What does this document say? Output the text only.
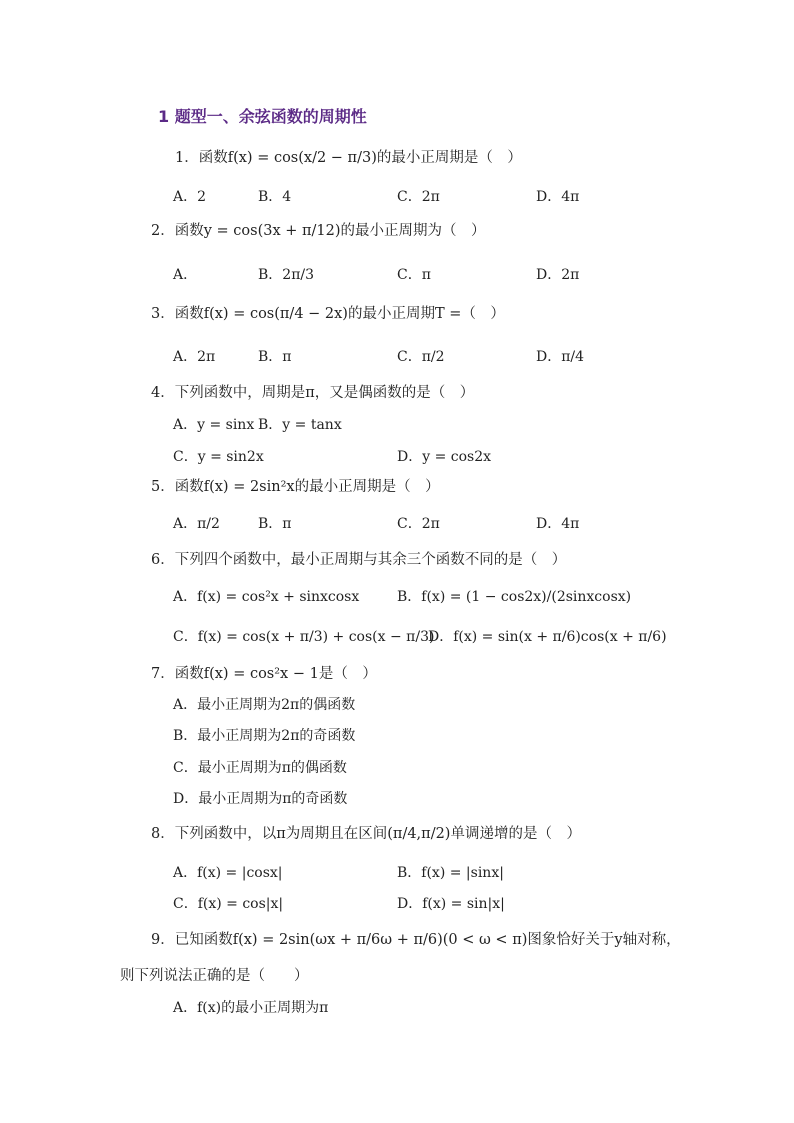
1 题型一、余弦函数的周期性
1．函数f(x) = cos(x/2 − π/3)的最小正周期是（　）
A．2	B．4	C．2π	D．4π
2．函数y = cos(3x + π/12)的最小正周期为（　）
A．	B．2π/3	C．π	D．2π
3．函数f(x) = cos(π/4 − 2x)的最小正周期T =（　）
A．2π	B．π	C．π/2	D．π/4
4．下列函数中，周期是π，又是偶函数的是（　）
A．y = sinx B．y = tanx
C．y = sin2x	D．y = cos2x
5．函数f(x) = 2sin²x的最小正周期是（　）
A．π/2	B．π	C．2π	D．4π
6．下列四个函数中，最小正周期与其余三个函数不同的是（　）
A．f(x) = cos²x + sinxcosx	B．f(x) = (1 − cos2x)/(2sinxcosx)
C．f(x) = cos(x + π/3) + cos(x − π/3)
D．f(x) = sin(x + π/6)cos(x + π/6)
7．函数f(x) = cos²x − 1是（　）
A．最小正周期为2π的偶函数
B．最小正周期为2π的奇函数
C．最小正周期为π的偶函数
D．最小正周期为π的奇函数
8．下列函数中，以π为周期且在区间(π/4,π/2)单调递增的是（　）
A．f(x) = |cosx|	B．f(x) = |sinx|
C．f(x) = cos|x|	D．f(x) = sin|x|
9．已知函数f(x) = 2sin(ωx + π/6ω + π/6)(0 < ω < π)图象恰好关于y轴对称，
则下列说法正确的是（　　）
A．f(x)的最小正周期为π
